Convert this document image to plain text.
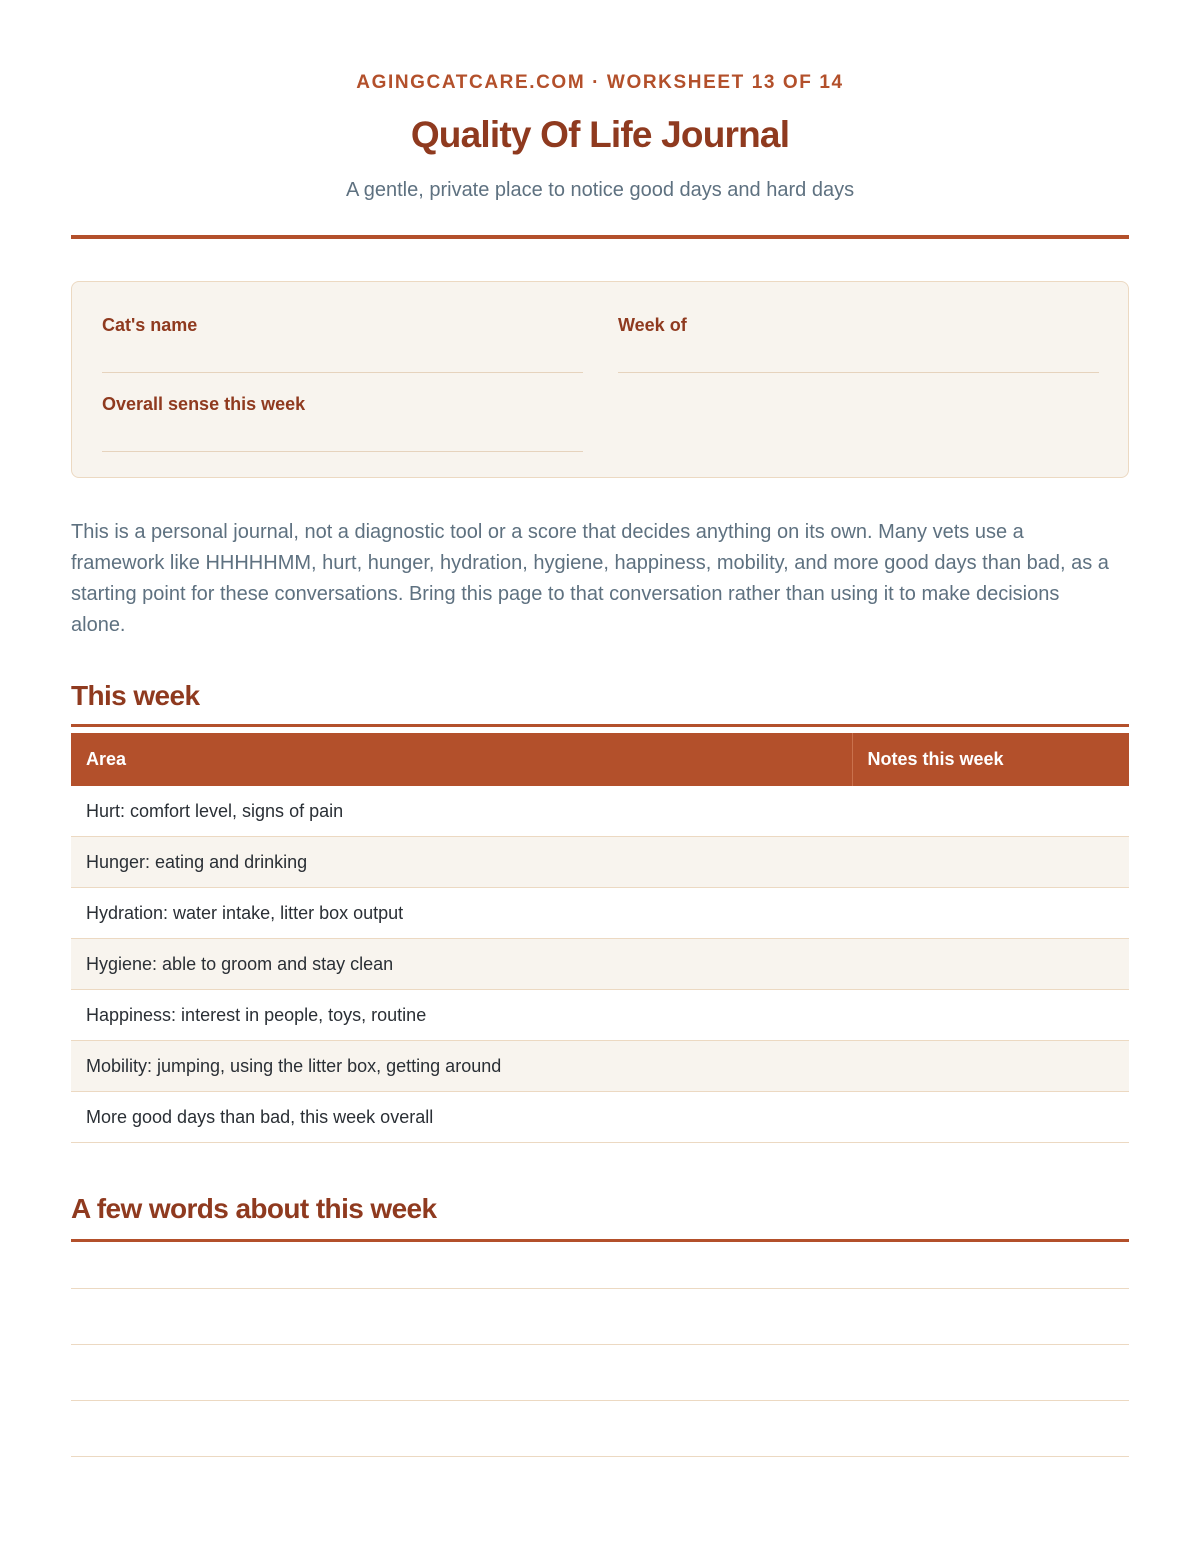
AGINGCATCARE.COM · WORKSHEET 13 OF 14
Quality Of Life Journal
A gentle, private place to notice good days and hard days
Cat's name	Week of
Overall sense this week
This is a personal journal, not a diagnostic tool or a score that decides anything on its own. Many vets use a framework like HHHHHMM, hurt, hunger, hydration, hygiene, happiness, mobility, and more good days than bad, as a starting point for these conversations. Bring this page to that conversation rather than using it to make decisions alone.
This week
Area	Notes this week
Hurt: comfort level, signs of pain	
Hunger: eating and drinking	
Hydration: water intake, litter box output	
Hygiene: able to groom and stay clean	
Happiness: interest in people, toys, routine	
Mobility: jumping, using the litter box, getting around	
More good days than bad, this week overall	
A few words about this week
